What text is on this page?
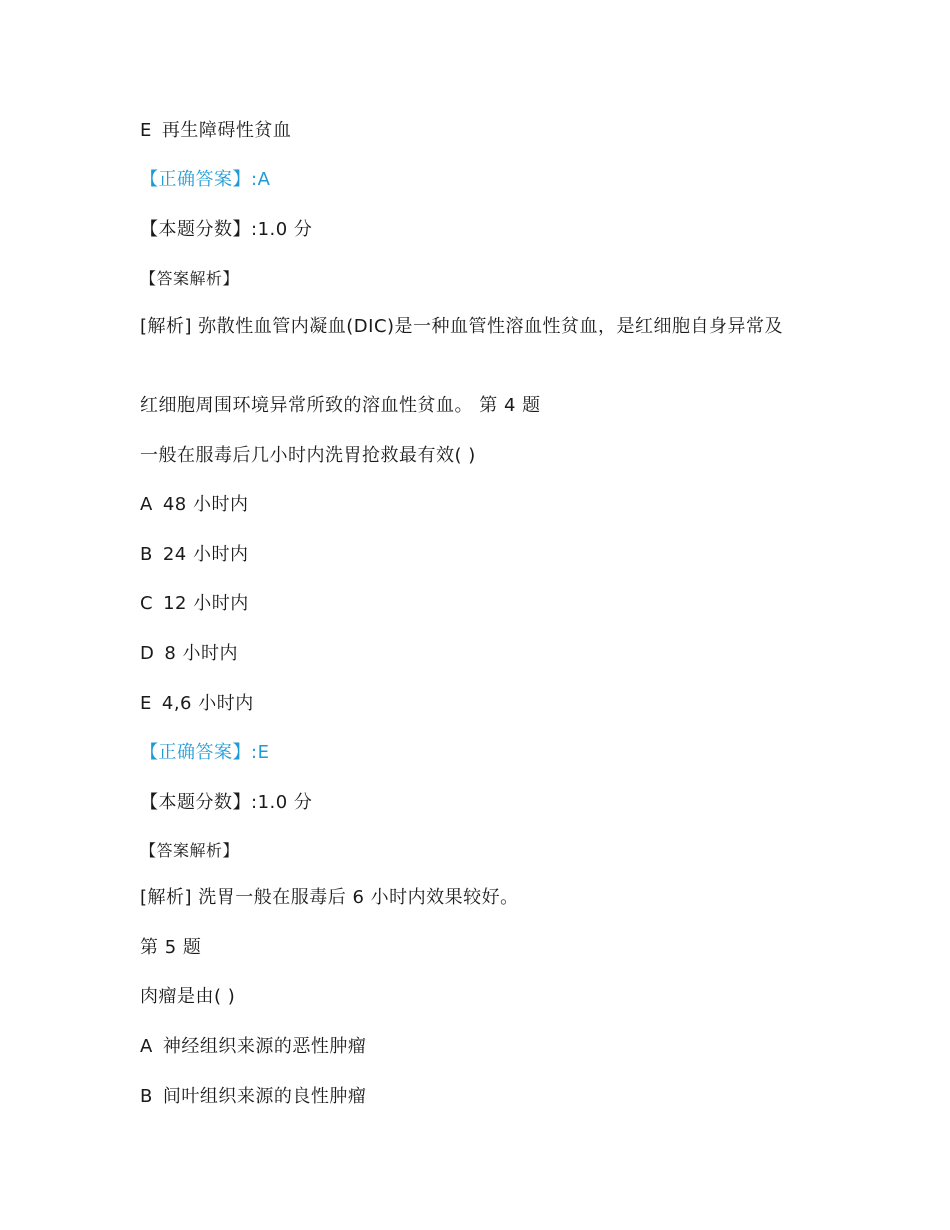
E 再生障碍性贫血
【正确答案】:A
【本题分数】:1.0 分
【答案解析】
[解析] 弥散性血管内凝血(DIC)是一种血管性溶血性贫血，是红细胞自身异常及
红细胞周围环境异常所致的溶血性贫血。 第 4 题
一般在服毒后几小时内洗胃抢救最有效( )
A 48 小时内
B 24 小时内
C 12 小时内
D 8 小时内
E 4,6 小时内
【正确答案】:E
【本题分数】:1.0 分
【答案解析】
[解析] 洗胃一般在服毒后 6 小时内效果较好。
第 5 题
肉瘤是由( )
A 神经组织来源的恶性肿瘤
B 间叶组织来源的良性肿瘤
